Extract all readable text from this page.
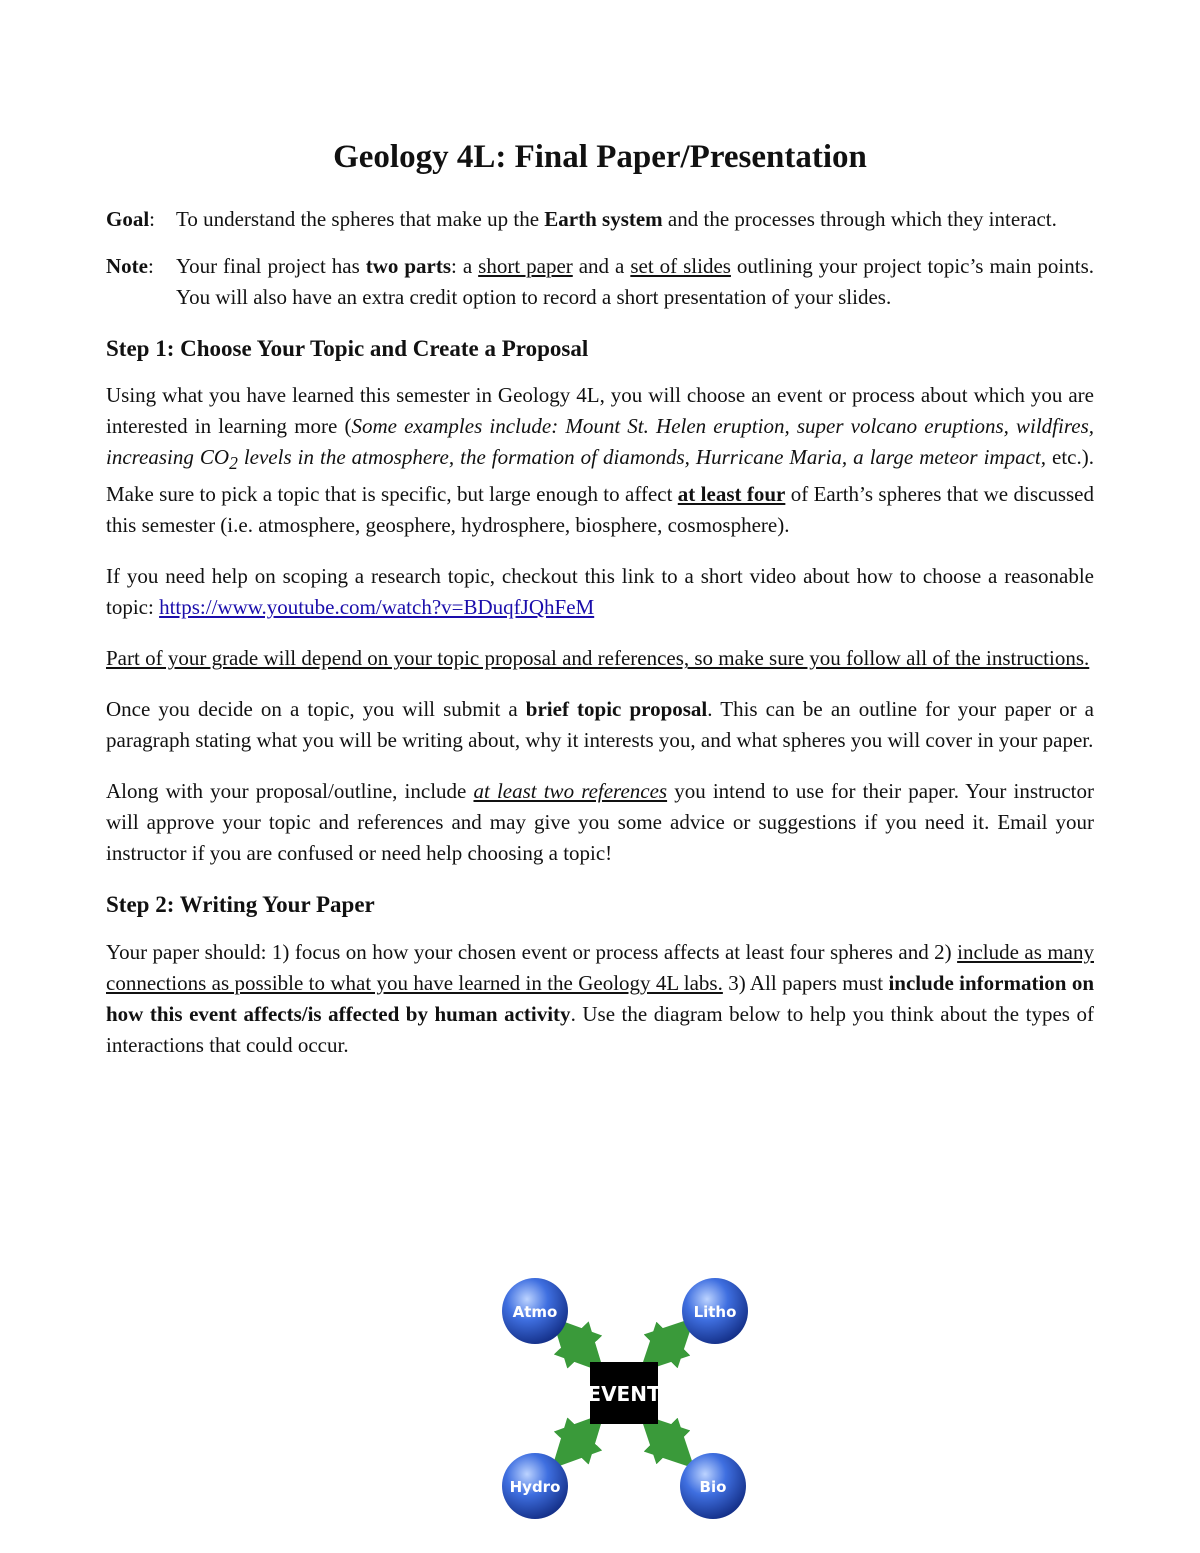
Geology 4L: Final Paper/Presentation
Goal: To understand the spheres that make up the Earth system and the processes through which they interact.
Note:	Your final project has two parts: a short paper and a set of slides outlining your project topic’s main points. You will also have an extra credit option to record a short presentation of your slides.
Step 1: Choose Your Topic and Create a Proposal

Using what you have learned this semester in Geology 4L, you will choose an event or process about which you are interested in learning more (Some examples include: Mount St. Helen eruption, super volcano eruptions, wildfires, increasing $CO_2$ levels in the atmosphere, the formation of diamonds, Hurricane Maria, a large meteor impact, etc.). Make sure to pick a topic that is specific, but large enough to affect at least four of Earth’s spheres that we discussed this semester (i.e. atmosphere, geosphere, hydrosphere, biosphere, cosmosphere).

If you need help on scoping a research topic, checkout this link to a short video about how to choose a reasonable topic: https://www.youtube.com/watch?v=BDuqfJQhFeM

Part of your grade will depend on your topic proposal and references, so make sure you follow all of the instructions.

Once you decide on a topic, you will submit a brief topic proposal. This can be an outline for your paper or a paragraph stating what you will be writing about, why it interests you, and what spheres you will cover in your paper.

Along with your proposal/outline, include at least two references you intend to use for their paper. Your instructor will approve your topic and references and may give you some advice or suggestions if you need it. Email your instructor if you are confused or need help choosing a topic!

Step 2: Writing Your Paper

Your paper should: 1) focus on how your chosen event or process affects at least four spheres and 2) include as many connections as possible to what you have learned in the Geology 4L labs. 3) All papers must include information on how this event affects/is affected by human activity. Use the diagram below to help you think about the types of interactions that could occur.

EVENT
Atmo	Litho
Hydro	Bio
